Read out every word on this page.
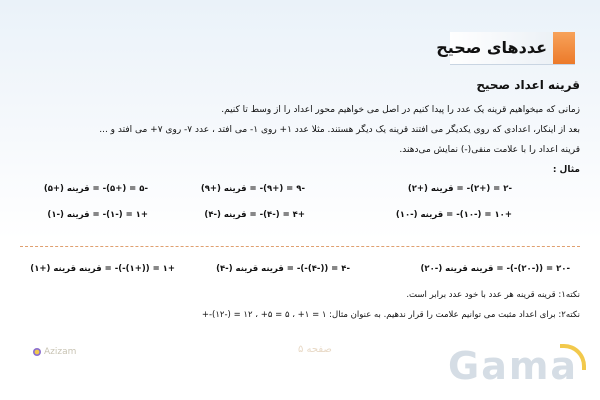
عددهای صحیح
قرینه اعداد صحیح
زمانی که میخواهیم قرینه یک عدد را پیدا کنیم در اصل می خواهیم محور اعداد را از وسط تا کنیم.
بعد از اینکار، اعدادی که روی یکدیگر می افتند قرینه یک دیگر هستند. مثلا عدد ۱+ روی ۱- می افتد ، عدد ۷- روی ۷+ می افتد و ...
قرینه اعداد را با علامت منفی(-) نمایش می‌دهند.
مثال :
-۲ = (+۲)- = قرینه (+۲)
-۹ = (+۹)- = قرینه (+۹)
-۵ = (+۵)- = قرینه (+۵)
+۱۰ = (-۱۰)- = قرینه (-۱۰)
+۴ = (-۴)- = قرینه (-۴)
+۱ = (-۱)- = قرینه (-۱)
-۲۰ = ((-۲۰)-)- = قرینه قرینه (-۲۰)
-۴ = ((-۴)-)- = قرینه قرینه (-۴)
+۱ = ((+۱)-)- = قرینه قرینه (+۱)
نکته۱: قرینه قرینه هر عدد با خود عدد برابر است.
نکته۲: برای اعداد مثبت می توانیم علامت را قرار ندهیم. به عنوان مثال: ۱ = ۱+ ، ۵ = ۵+ ، ۱۲ = (-۱۲)-+
Azizam	صفحه ۵	Gama
